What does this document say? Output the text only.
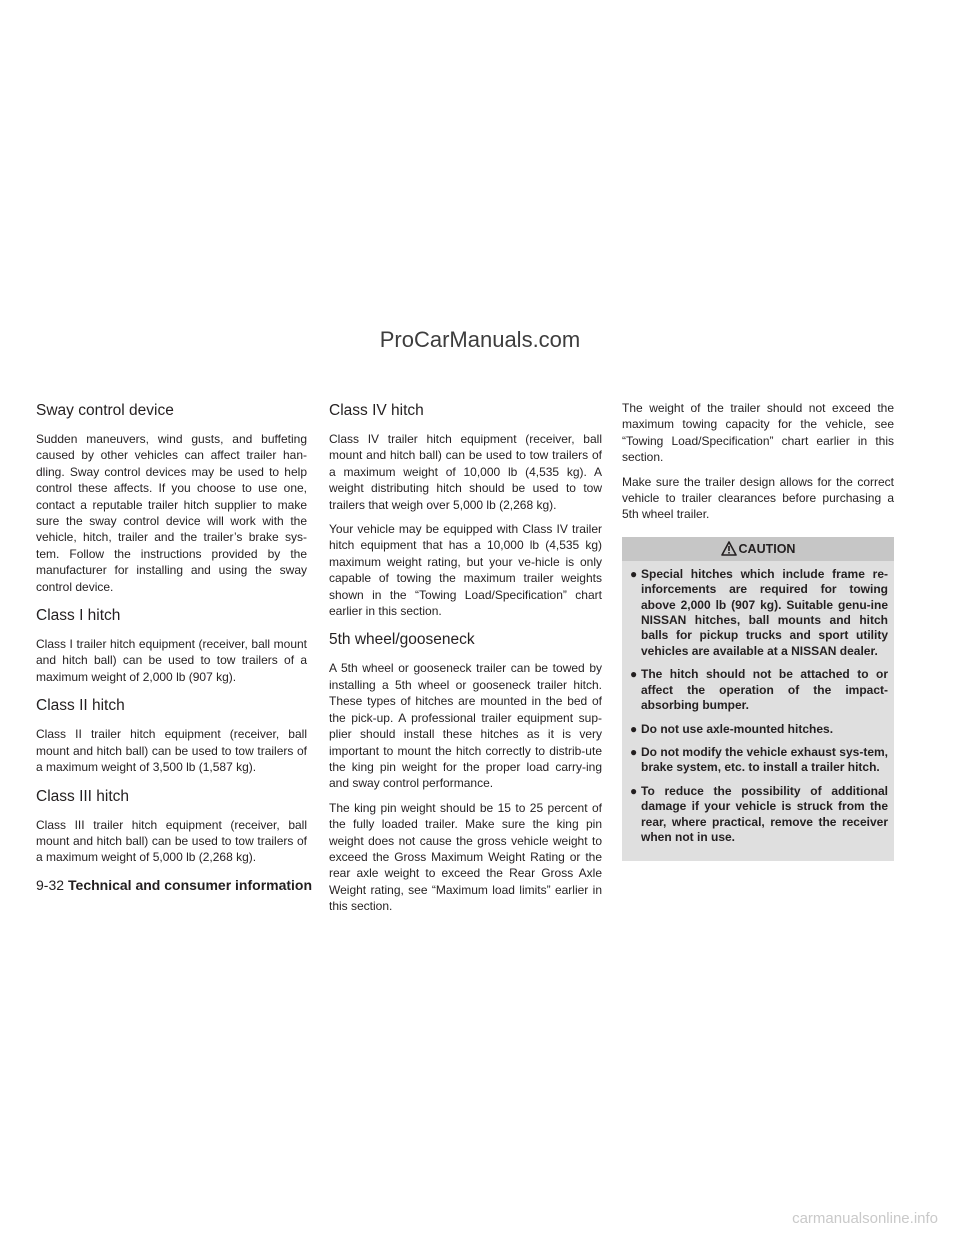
ProCarManuals.com
Sway control device

Sudden maneuvers, wind gusts, and buffeting caused by other vehicles can affect trailer han-dling. Sway control devices may be used to help control these affects. If you choose to use one, contact a reputable trailer hitch supplier to make sure the sway control device will work with the vehicle, hitch, trailer and the trailer’s brake sys-tem. Follow the instructions provided by the manufacturer for installing and using the sway control device.

Class I hitch

Class I trailer hitch equipment (receiver, ball mount and hitch ball) can be used to tow trailers of a maximum weight of 2,000 lb (907 kg).

Class II hitch

Class II trailer hitch equipment (receiver, ball mount and hitch ball) can be used to tow trailers of a maximum weight of 3,500 lb (1,587 kg).

Class III hitch

Class III trailer hitch equipment (receiver, ball mount and hitch ball) can be used to tow trailers of a maximum weight of 5,000 lb (2,268 kg).

Class IV hitch

Class IV trailer hitch equipment (receiver, ball mount and hitch ball) can be used to tow trailers of a maximum weight of 10,000 lb (4,535 kg). A weight distributing hitch should be used to tow trailers that weigh over 5,000 lb (2,268 kg).

Your vehicle may be equipped with Class IV trailer hitch equipment that has a 10,000 lb (4,535 kg) maximum weight rating, but your ve-hicle is only capable of towing the maximum trailer weights shown in the “Towing Load/Specification” chart earlier in this section.

5th wheel/gooseneck

A 5th wheel or gooseneck trailer can be towed by installing a 5th wheel or gooseneck trailer hitch. These types of hitches are mounted in the bed of the pick-up. A professional trailer equipment sup-plier should install these hitches as it is very important to mount the hitch correctly to distrib-ute the king pin weight for the proper load carry-ing and sway control performance.

The king pin weight should be 15 to 25 percent of the fully loaded trailer. Make sure the king pin weight does not cause the gross vehicle weight to exceed the Gross Maximum Weight Rating or the rear axle weight to exceed the Rear Gross Axle Weight rating, see “Maximum load limits” earlier in this section.

The weight of the trailer should not exceed the maximum towing capacity for the vehicle, see “Towing Load/Specification” chart earlier in this section.

Make sure the trailer design allows for the correct vehicle to trailer clearances before purchasing a 5th wheel trailer.

CAUTION
● Special hitches which include frame re-inforcements are required for towing above 2,000 lb (907 kg). Suitable genu-ine NISSAN hitches, ball mounts and hitch balls for pickup trucks and sport utility vehicles are available at a NISSAN dealer.
● The hitch should not be attached to or affect the operation of the impact-absorbing bumper.
● Do not use axle-mounted hitches.
● Do not modify the vehicle exhaust sys-tem, brake system, etc. to install a trailer hitch.
● To reduce the possibility of additional damage if your vehicle is struck from the rear, where practical, remove the receiver when not in use.
9-32 Technical and consumer information
carmanualsonline.info
